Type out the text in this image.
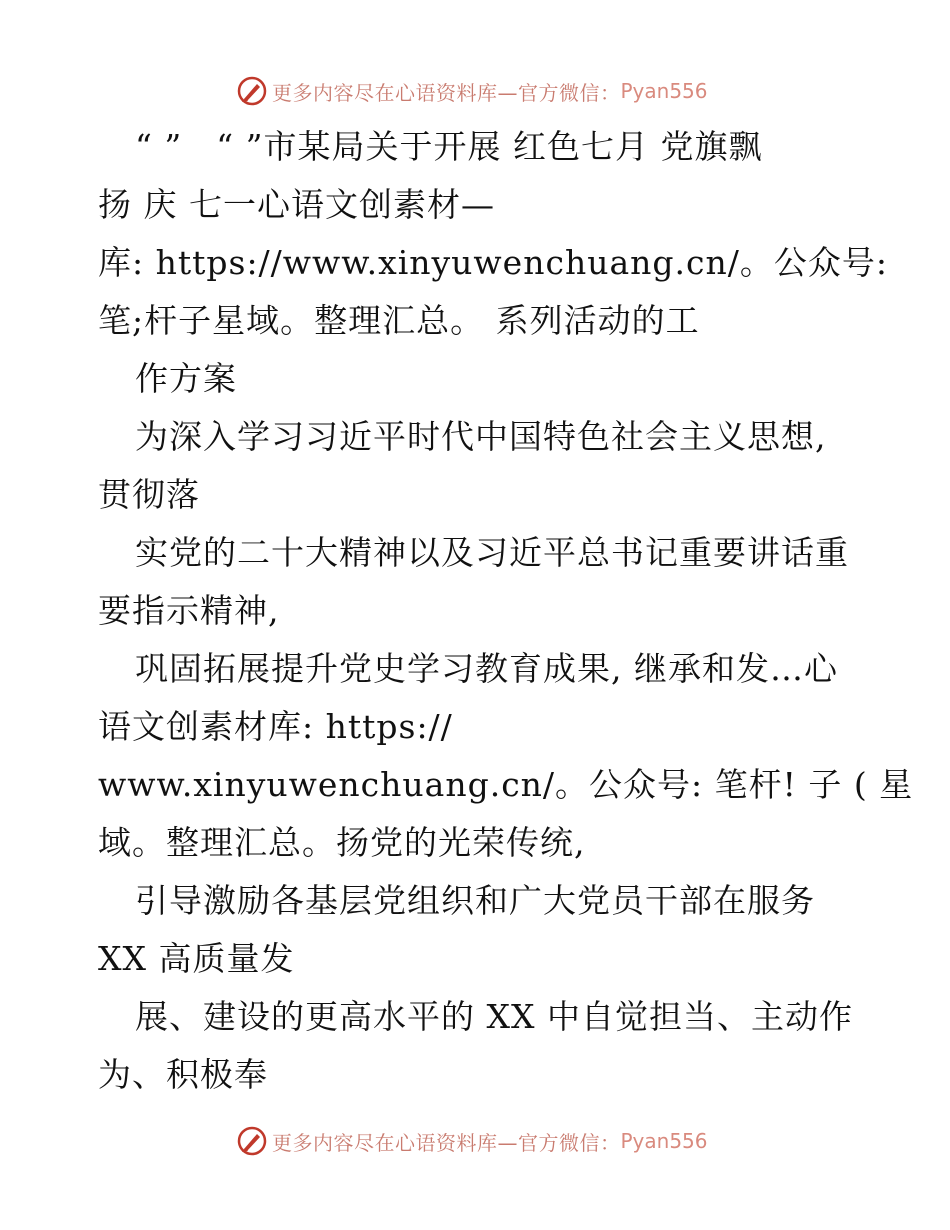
更多内容尽在心语资料库—官方微信： Pyan556
“ ”　“ ”市某局关于开展 红色七月 党旗飘
扬 庆 七一心语文创素材—
库: https://www.xinyuwenchuang.cn/。公众号:
笔;杆子星域。整理汇总。 系列活动的工
作方案
为深入学习习近平时代中国特色社会主义思想,
贯彻落
实党的二十大精神以及习近平总书记重要讲话重
要指示精神,
巩固拓展提升党史学习教育成果, 继承和发…心
语文创素材库: https://
www.xinyuwenchuang.cn/。公众号: 笔杆! 子 ( 星
域。整理汇总。扬党的光荣传统,
引导激励各基层党组织和广大党员干部在服务
XX 高质量发
展、建设的更高水平的 XX 中自觉担当、主动作
为、积极奉
更多内容尽在心语资料库—官方微信： Pyan556
